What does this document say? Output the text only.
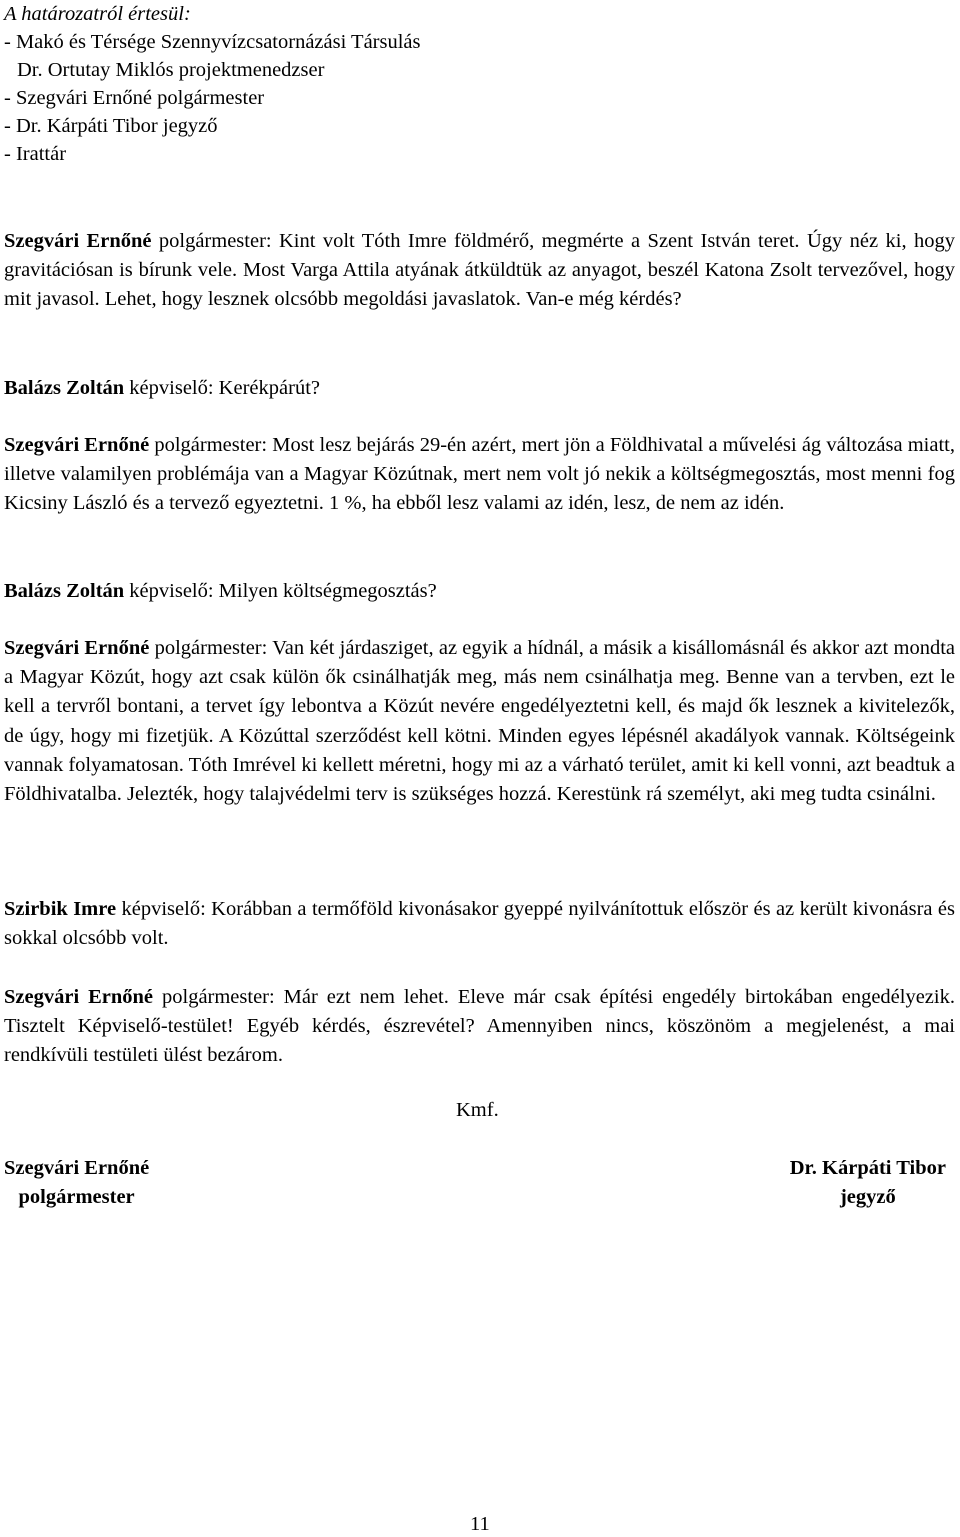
A határozatról értesül:
- Makó és Térsége Szennyvízcsatornázási Társulás
Dr. Ortutay Miklós projektmenedzser
- Szegvári Ernőné polgármester
- Dr. Kárpáti Tibor jegyző
- Irattár
Szegvári Ernőné polgármester: Kint volt Tóth Imre földmérő, megmérte a Szent István teret. Úgy néz ki, hogy gravitációsan is bírunk vele. Most Varga Attila atyának átküldtük az anyagot, beszél Katona Zsolt tervezővel, hogy mit javasol. Lehet, hogy lesznek olcsóbb megoldási javaslatok. Van-e még kérdés?
Balázs Zoltán képviselő: Kerékpárút?
Szegvári Ernőné polgármester: Most lesz bejárás 29-én azért, mert jön a Földhivatal a művelési ág változása miatt, illetve valamilyen problémája van a Magyar Közútnak, mert nem volt jó nekik a költségmegosztás, most menni fog Kicsiny László és a tervező egyeztetni. 1 %, ha ebből lesz valami az idén, lesz, de nem az idén.
Balázs Zoltán képviselő: Milyen költségmegosztás?
Szegvári Ernőné polgármester: Van két járdasziget, az egyik a hídnál, a másik a kisállomásnál és akkor azt mondta a Magyar Közút, hogy azt csak külön ők csinálhatják meg, más nem csinálhatja meg. Benne van a tervben, ezt le kell a tervről bontani, a tervet így lebontva a Közút nevére engedélyeztetni kell, és majd ők lesznek a kivitelezők, de úgy, hogy mi fizetjük. A Közúttal szerződést kell kötni. Minden egyes lépésnél akadályok vannak. Költségeink vannak folyamatosan. Tóth Imrével ki kellett méretni, hogy mi az a várható terület, amit ki kell vonni, azt beadtuk a Földhivatalba. Jelezték, hogy talajvédelmi terv is szükséges hozzá. Kerestünk rá személyt, aki meg tudta csinálni.
Szirbik Imre képviselő: Korábban a termőföld kivonásakor gyeppé nyilvánítottuk először és az került kivonásra és sokkal olcsóbb volt.
Szegvári Ernőné polgármester: Már ezt nem lehet. Eleve már csak építési engedély birtokában engedélyezik. Tisztelt Képviselő-testület! Egyéb kérdés, észrevétel? Amennyiben nincs, köszönöm a megjelenést, a mai rendkívüli testületi ülést bezárom.
Kmf.
Szegvári Ernőné
polgármester
Dr. Kárpáti Tibor
jegyző
11
